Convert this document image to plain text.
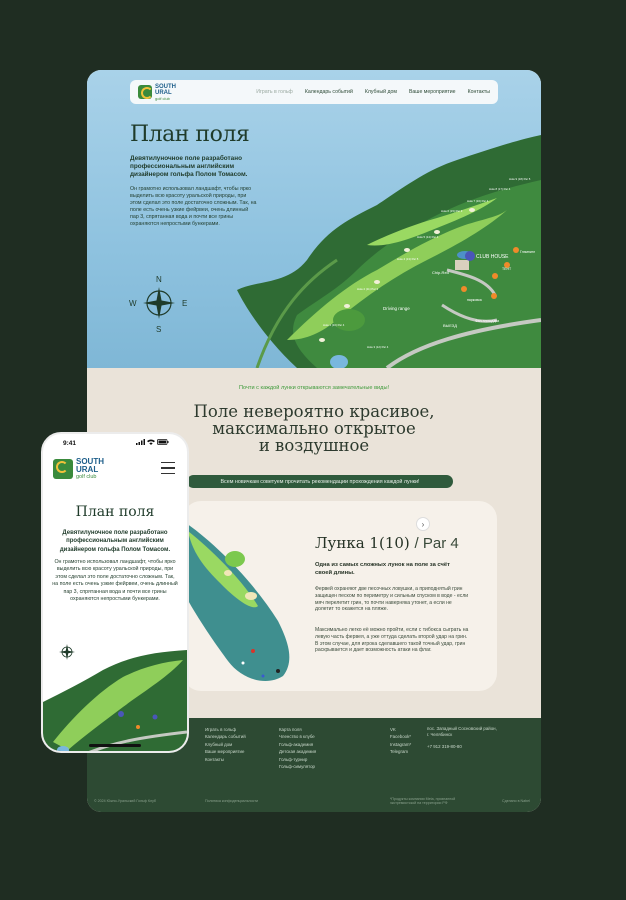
CLUB HOUSE
Driving range
Chip-Red
ВЫЕЗД
парковка
Фан-площадка
Глэмпинг
ТЕНТ
Hole 1 (10) Par 4
Hole 2 (11) Par 3
Hole 3 (12) Par 4
Hole 4 (13) Par 5
Hole 5 (14) Par 4
Hole 6 (15) Par 3
Hole 7 (16) Par 4
Hole 8 (17) Par 4
Hole 9 (18) Par 5
SOUTH
URAL
golf club
Играть в гольф Календарь событий Клубный дом Ваше мероприятие Контакты
План поля
Девятилуночное поле разработано профессиональным английским дизайнером гольфа Полом Томасом.
Он грамотно использовал ландшафт, чтобы ярко выделить всю красоту уральской природы, при этом сделал это поле достаточно сложным. Так, на поле есть очень узкие фейрвеи, очень длинный пар 3, спрятанная вода и почти все грины охраняются непростыми бункерами.
N
S
E
W
Почти с каждой лунки открываются замечательные виды!
Поле невероятно красивое,
максимально открытое
и воздушное
Всем новичкам советуем прочитать рекомендации прохождения каждой лунки!
Лунка 1(10) / Par 4
Одна из самых сложных лунок на поле за счёт своей длины.
Фервей охраняют две песочных ловушки, а приподнятый грин защищен песком по периметру и сильным спуском в воде - если мяч перелетит грин, то почти наверняка утонет, а если не долетит то окажется на пляже.
Максимально легко её можно пройти, если с тибокса сыграть на левую часть фервея, а уже оттуда сделать второй удар на грин. В этом случае, для игрока сделавшего такой точный удар, грин раскрывается и дает возможность атаки на флаг.
Играть в гольф
Календарь событий
Клубный дом
Ваше мероприятие
Контакты
Карта поля
Членство в клубе
Гольф-академия
Детская академия
Гольф-турнир
Гольф-симулятор
VK
Facebook*
Instagram*
Telegram
пос. Западный Сосновский район, г. Челябинск
+7 912 319-80-80
© 2024 Южно-Уральский Гольф Клуб	Политика конфиденциальности	*Продукты компании Meta, признанной экстремистской на территории РФ
Сделано в Nabel
›
9:41
SOUTH
URAL
golf club
План поля
Девятилуночное поле разработано профессиональным английским дизайнером гольфа Полом Томасом.
Он грамотно использовал ландшафт, чтобы ярко выделить всю красоту уральской природы, при этом сделал это поле достаточно сложным. Так, на поле есть очень узкие фейрвеи, очень длинный пар 3, спрятанная вода и почти все грины охраняются непростыми бункерами.
